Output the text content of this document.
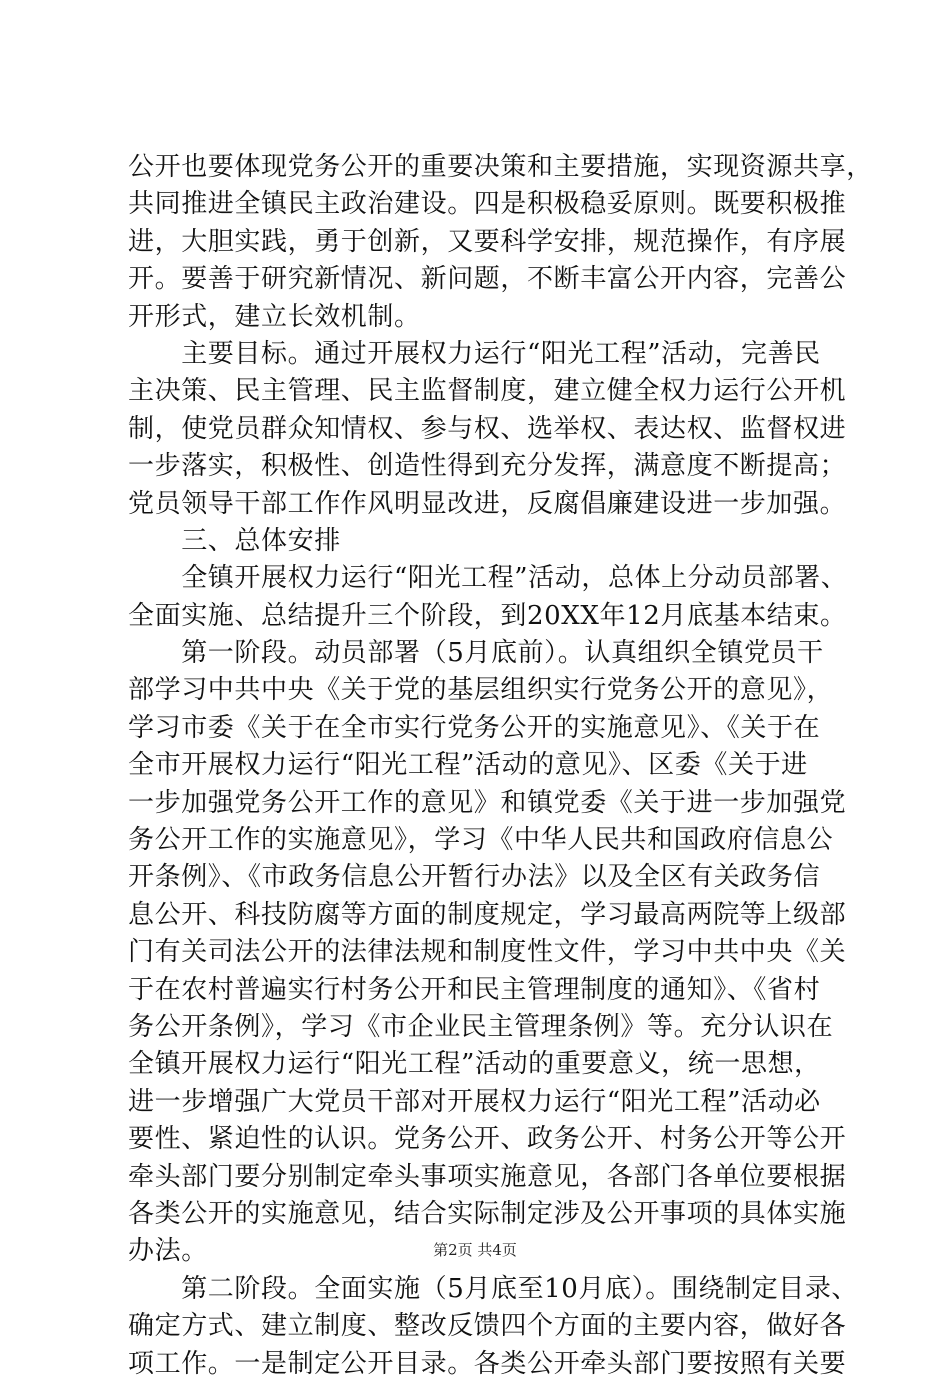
公开也要体现党务公开的重要决策和主要措施，实现资源共享，
共同推进全镇民主政治建设。四是积极稳妥原则。既要积极推
进，大胆实践，勇于创新，又要科学安排，规范操作，有序展
开。要善于研究新情况、新问题，不断丰富公开内容，完善公
开形式，建立长效机制。
　　主要目标。通过开展权力运行“阳光工程”活动，完善民
主决策、民主管理、民主监督制度，建立健全权力运行公开机
制，使党员群众知情权、参与权、选举权、表达权、监督权进
一步落实，积极性、创造性得到充分发挥，满意度不断提高；
党员领导干部工作作风明显改进，反腐倡廉建设进一步加强。
　　三、总体安排
　　全镇开展权力运行“阳光工程”活动，总体上分动员部署、
全面实施、总结提升三个阶段，到20XX年12月底基本结束。
　　第一阶段。动员部署（5月底前）。认真组织全镇党员干
部学习中共中央《关于党的基层组织实行党务公开的意见》，
学习市委《关于在全市实行党务公开的实施意见》、《关于在
全市开展权力运行“阳光工程”活动的意见》、区委《关于进
一步加强党务公开工作的意见》和镇党委《关于进一步加强党
务公开工作的实施意见》，学习《中华人民共和国政府信息公
开条例》、《市政务信息公开暂行办法》以及全区有关政务信
息公开、科技防腐等方面的制度规定，学习最高两院等上级部
门有关司法公开的法律法规和制度性文件，学习中共中央《关
于在农村普遍实行村务公开和民主管理制度的通知》、《省村
务公开条例》，学习《市企业民主管理条例》等。充分认识在
全镇开展权力运行“阳光工程”活动的重要意义，统一思想，
进一步增强广大党员干部对开展权力运行“阳光工程”活动必
要性、紧迫性的认识。党务公开、政务公开、村务公开等公开
牵头部门要分别制定牵头事项实施意见，各部门各单位要根据
各类公开的实施意见，结合实际制定涉及公开事项的具体实施
办法。
　　第二阶段。全面实施（5月底至10月底）。围绕制定目录、
确定方式、建立制度、整改反馈四个方面的主要内容，做好各
项工作。一是制定公开目录。各类公开牵头部门要按照有关要
第2页 共4页
